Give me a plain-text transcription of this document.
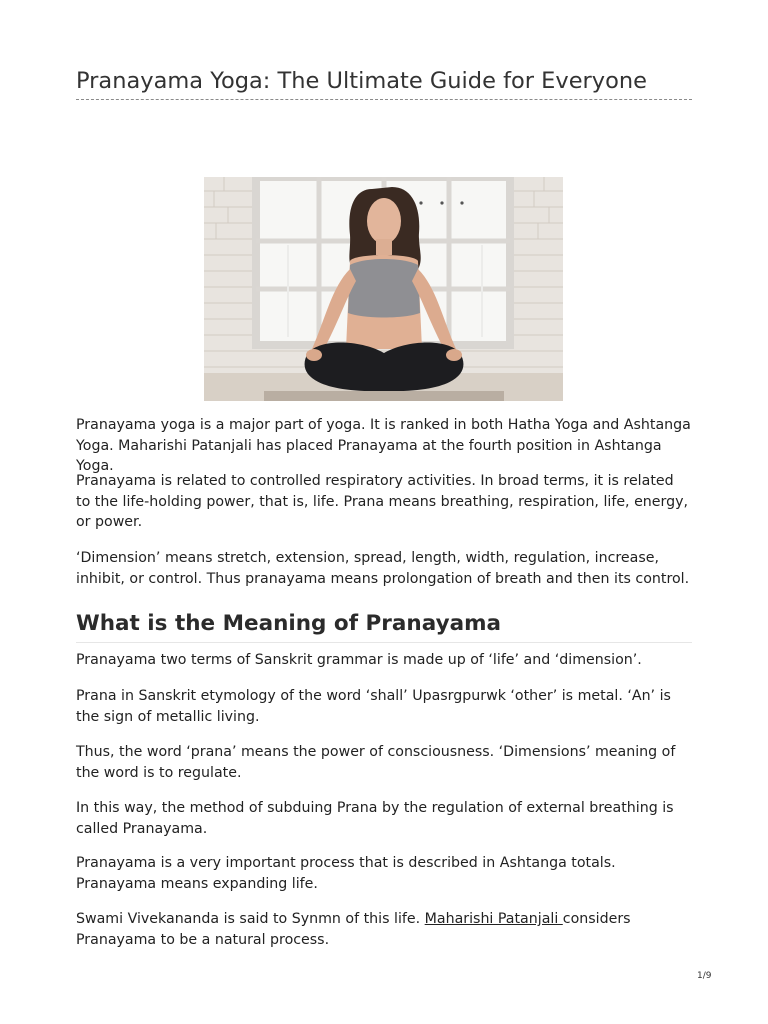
Pranayama Yoga: The Ultimate Guide for Everyone

Pranayama yoga is a major part of yoga. It is ranked in both Hatha Yoga and Ashtanga Yoga. Maharishi Patanjali has placed Pranayama at the fourth position in Ashtanga Yoga.

Pranayama is related to controlled respiratory activities. In broad terms, it is related to the life-holding power, that is, life. Prana means breathing, respiration, life, energy, or power.

‘Dimension’ means stretch, extension, spread, length, width, regulation, increase, inhibit, or control. Thus pranayama means prolongation of breath and then its control.

What is the Meaning of Pranayama

Pranayama two terms of Sanskrit grammar is made up of ‘life’ and ‘dimension’.

Prana in Sanskrit etymology of the word ‘shall’ Upasrgpurwk ‘other’ is metal. ‘An’ is the sign of metallic living.

Thus, the word ‘prana’ means the power of consciousness. ‘Dimensions’ meaning of the word is to regulate.

In this way, the method of subduing Prana by the regulation of external breathing is called Pranayama.

Pranayama is a very important process that is described in Ashtanga totals. Pranayama means expanding life.

Swami Vivekananda is said to Synmn of this life. Maharishi Patanjali considers Pranayama to be a natural process.

1/9
